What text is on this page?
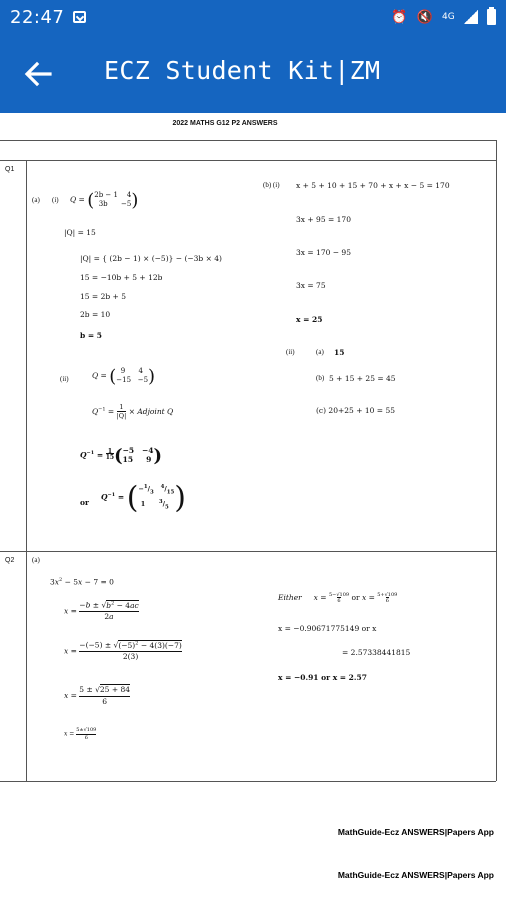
22:47	⏰ 🔇 4G
ECZ Student Kit|ZM
2022 MATHS G12 P2 ANSWERS
Q1
(a) (i) Q = (2b − 1    4
3b      −5)
|Q| = 15
|Q| = { (2b − 1) × (−5)} − (−3b × 4)
15 = −10b + 5 + 12b
15 = 2b + 5
2b = 10
b = 5
(ii)	Q = (  9      4
−15   −5)
$Q^{-1} = 1$
|Q| × Adjoint Q
$Q^{-1} = 1$
15(−5   −4
15     9 )
or
$Q^{-1} = (-^1/_3$   $^4/_{15}$
1      $^3/_5$ )
(b) (i) x + 5 + 10 + 15 + 70 + x + x − 5 = 170
3x + 95 = 170
3x = 170 − 95
3x = 75
x = 25
(ii)	(a) 15
(b) 5 + 15 + 25 = 45
(c) 20+25 + 10 = 55
Q2	(a)
$3x^2 - 5x - 7 = 0$
$x = \frac{-b \pm √b^2 - 4ac}{2a}$
$x = \frac{-(-5) \pm √(-5)^2 - 4(3)(-7)}{2(3)}$
$x = \frac{5 \pm √25 + 84}{6}$
$x = \frac{5\pm√109}{6}$
Either x = 5−√109
6 or x = 5+√109
6
x = −0.90671775149 or x
= 2.57338441815
x = −0.91 or x = 2.57
MathGuide-Ecz ANSWERS|Papers App
MathGuide-Ecz ANSWERS|Papers App
